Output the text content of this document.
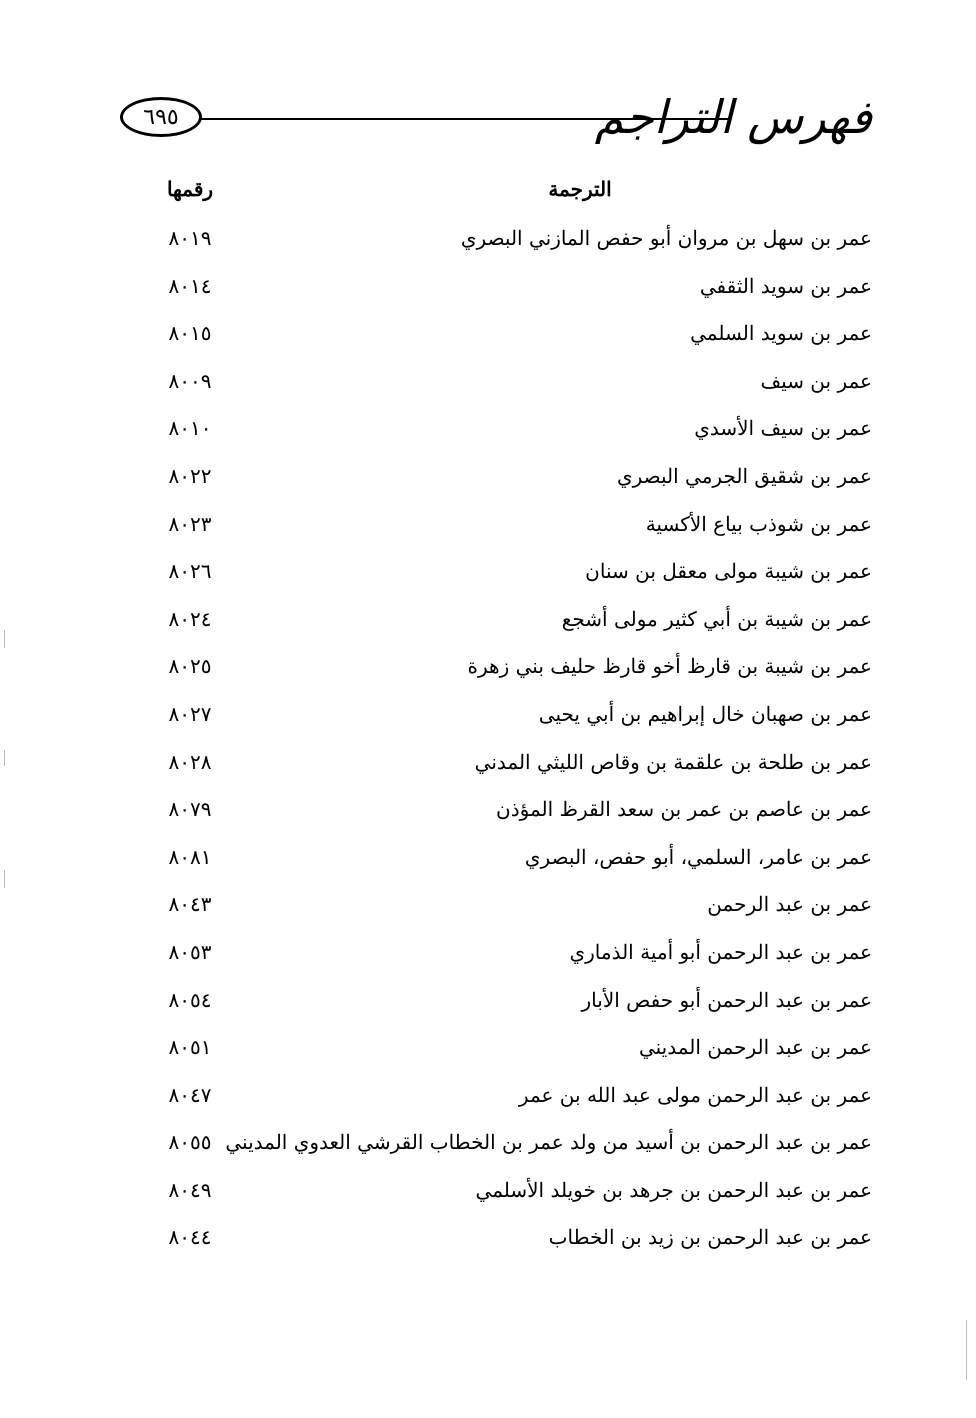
٦٩٥	فهرس التراجم
الترجمة
رقمها
عمر بن سهل بن مروان أبو حفص المازني البصري
٨٠١٩
عمر بن سويد الثقفي
٨٠١٤
عمر بن سويد السلمي
٨٠١٥
عمر بن سيف
٨٠٠٩
عمر بن سيف الأسدي
٨٠١٠
عمر بن شقيق الجرمي البصري
٨٠٢٢
عمر بن شوذب بياع الأكسية
٨٠٢٣
عمر بن شيبة مولى معقل بن سنان
٨٠٢٦
عمر بن شيبة بن أبي كثير مولى أشجع
٨٠٢٤
عمر بن شيبة بن قارظ أخو قارظ حليف بني زهرة
٨٠٢٥
عمر بن صهبان خال إبراهيم بن أبي يحيى
٨٠٢٧
عمر بن طلحة بن علقمة بن وقاص الليثي المدني
٨٠٢٨
عمر بن عاصم بن عمر بن سعد القرظ المؤذن
٨٠٧٩
عمر بن عامر، السلمي، أبو حفص، البصري
٨٠٨١
عمر بن عبد الرحمن
٨٠٤٣
عمر بن عبد الرحمن أبو أمية الذماري
٨٠٥٣
عمر بن عبد الرحمن أبو حفص الأبار
٨٠٥٤
عمر بن عبد الرحمن المديني
٨٠٥١
عمر بن عبد الرحمن مولى عبد الله بن عمر
٨٠٤٧
عمر بن عبد الرحمن بن أسيد من ولد عمر بن الخطاب القرشي العدوي المديني
٨٠٥٥
عمر بن عبد الرحمن بن جرهد بن خويلد الأسلمي
٨٠٤٩
عمر بن عبد الرحمن بن زيد بن الخطاب
٨٠٤٤
